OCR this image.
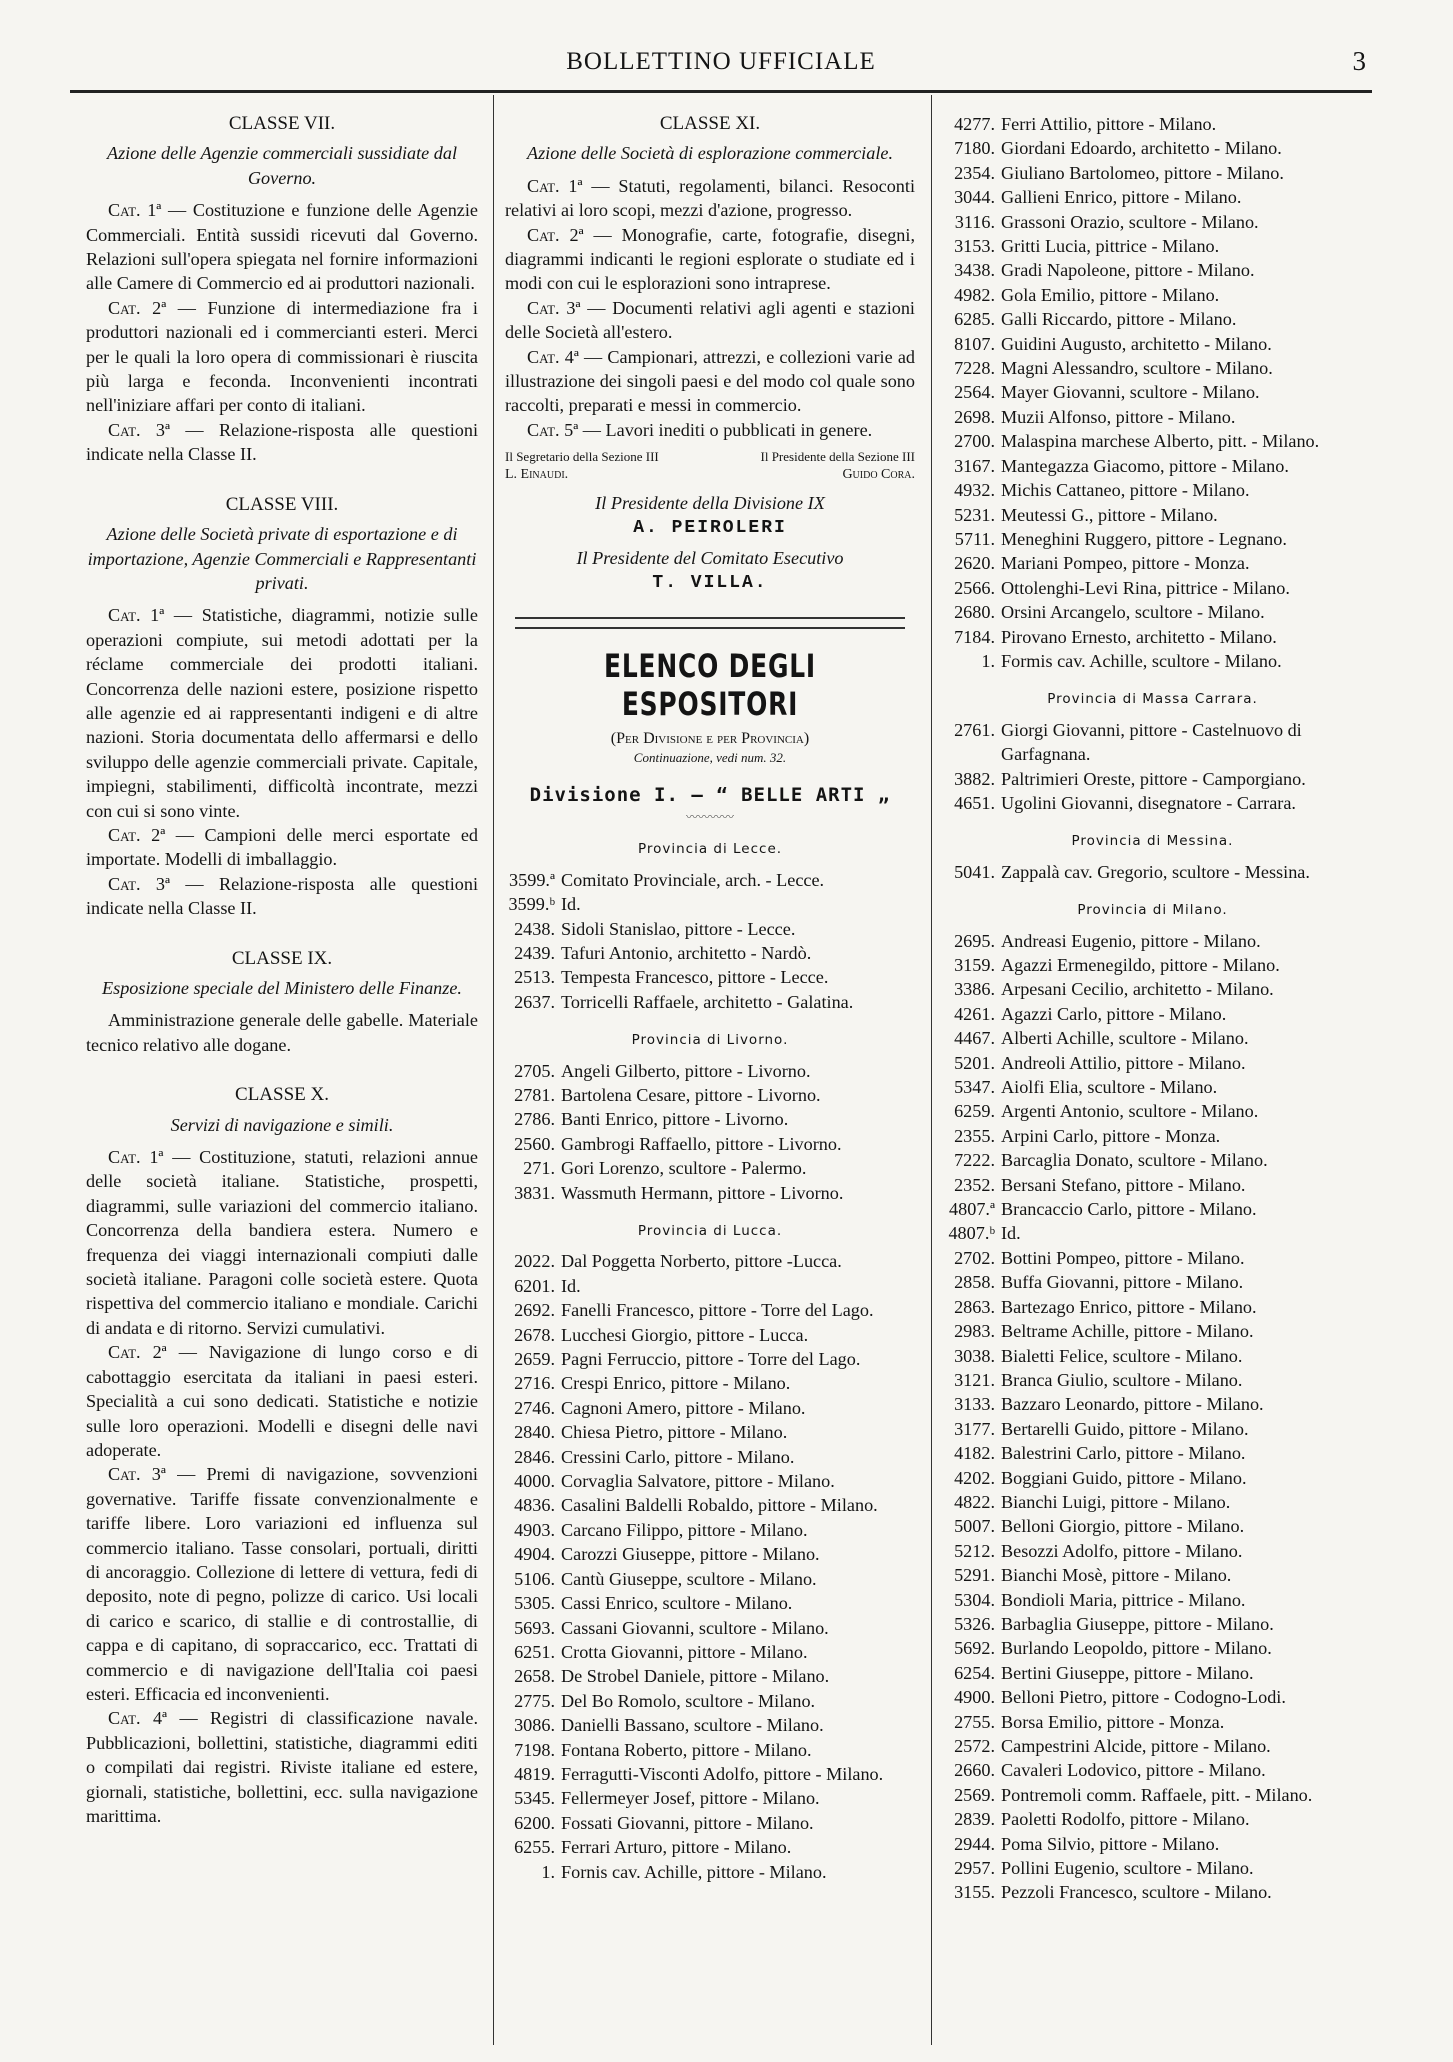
BOLLETTINO UFFICIALE	3
CLASSE VII.
Azione delle Agenzie commerciali sussidiate dal Governo.

Cat. 1ª — Costituzione e funzione delle Agenzie Commerciali. Entità sussidi ricevuti dal Governo. Relazioni sull'opera spiegata nel fornire informazioni alle Camere di Commercio ed ai produttori nazionali.

Cat. 2ª — Funzione di intermediazione fra i produttori nazionali ed i commercianti esteri. Merci per le quali la loro opera di commissionari è riuscita più larga e feconda. Inconvenienti incontrati nell'iniziare affari per conto di italiani.

Cat. 3ª — Relazione-risposta alle questioni indicate nella Classe II.

CLASSE VIII.
Azione delle Società private di esportazione e di importazione, Agenzie Commerciali e Rappresentanti privati.

Cat. 1ª — Statistiche, diagrammi, notizie sulle operazioni compiute, sui metodi adottati per la réclame commerciale dei prodotti italiani. Concorrenza delle nazioni estere, posizione rispetto alle agenzie ed ai rappresentanti indigeni e di altre nazioni. Storia documentata dello affermarsi e dello sviluppo delle agenzie commerciali private. Capitale, impiegni, stabilimenti, difficoltà incontrate, mezzi con cui si sono vinte.

Cat. 2ª — Campioni delle merci esportate ed importate. Modelli di imballaggio.

Cat. 3ª — Relazione-risposta alle questioni indicate nella Classe II.

CLASSE IX.
Esposizione speciale del Ministero delle Finanze.

Amministrazione generale delle gabelle. Materiale tecnico relativo alle dogane.

CLASSE X.
Servizi di navigazione e simili.

Cat. 1ª — Costituzione, statuti, relazioni annue delle società italiane. Statistiche, prospetti, diagrammi, sulle variazioni del commercio italiano. Concorrenza della bandiera estera. Numero e frequenza dei viaggi internazionali compiuti dalle società italiane. Paragoni colle società estere. Quota rispettiva del commercio italiano e mondiale. Carichi di andata e di ritorno. Servizi cumulativi.

Cat. 2ª — Navigazione di lungo corso e di cabottaggio esercitata da italiani in paesi esteri. Specialità a cui sono dedicati. Statistiche e notizie sulle loro operazioni. Modelli e disegni delle navi adoperate.

Cat. 3ª — Premi di navigazione, sovvenzioni governative. Tariffe fissate convenzionalmente e tariffe libere. Loro variazioni ed influenza sul commercio italiano. Tasse consolari, portuali, diritti di ancoraggio. Collezione di lettere di vettura, fedi di deposito, note di pegno, polizze di carico. Usi locali di carico e scarico, di stallie e di controstallie, di cappa e di capitano, di sopraccarico, ecc. Trattati di commercio e di navigazione dell'Italia coi paesi esteri. Efficacia ed inconvenienti.

Cat. 4ª — Registri di classificazione navale. Pubblicazioni, bollettini, statistiche, diagrammi editi o compilati dai registri. Riviste italiane ed estere, giornali, statistiche, bollettini, ecc. sulla navigazione marittima.

CLASSE XI.
Azione delle Società di esplorazione commerciale.

Cat. 1ª — Statuti, regolamenti, bilanci. Resoconti relativi ai loro scopi, mezzi d'azione, progresso.

Cat. 2ª — Monografie, carte, fotografie, disegni, diagrammi indicanti le regioni esplorate o studiate ed i modi con cui le esplorazioni sono intraprese.

Cat. 3ª — Documenti relativi agli agenti e stazioni delle Società all'estero.

Cat. 4ª — Campionari, attrezzi, e collezioni varie ad illustrazione dei singoli paesi e del modo col quale sono raccolti, preparati e messi in commercio.

Cat. 5ª — Lavori inediti o pubblicati in genere.

Il Segretario della Sezione III	Il Presidente della Sezione III
L. Einaudi.	Guido Cora.
Il Presidente della Divisione IX
A. PEIROLERI
Il Presidente del Comitato Esecutivo
T. VILLA.
ELENCO DEGLI ESPOSITORI
(Per Divisione e per Provincia)
Continuazione, vedi num. 32.
Divisione I. — “ BELLE ARTI „
〰〰〰〰
Provincia di Lecce.
3599.ª Comitato Provinciale, arch. - Lecce.
3599.ᵇ Id.
2438. Sidoli Stanislao, pittore - Lecce.
2439. Tafuri Antonio, architetto - Nardò.
2513. Tempesta Francesco, pittore - Lecce.
2637. Torricelli Raffaele, architetto - Galatina.
Provincia di Livorno.
2705. Angeli Gilberto, pittore - Livorno.
2781. Bartolena Cesare, pittore - Livorno.
2786. Banti Enrico, pittore - Livorno.
2560. Gambrogi Raffaello, pittore - Livorno.
271. Gori Lorenzo, scultore - Palermo.
3831. Wassmuth Hermann, pittore - Livorno.
Provincia di Lucca.
2022. Dal Poggetta Norberto, pittore -Lucca.
6201. Id.
2692. Fanelli Francesco, pittore - Torre del Lago.
2678. Lucchesi Giorgio, pittore - Lucca.
2659. Pagni Ferruccio, pittore - Torre del Lago.
2716. Crespi Enrico, pittore - Milano.
2746. Cagnoni Amero, pittore - Milano.
2840. Chiesa Pietro, pittore - Milano.
2846. Cressini Carlo, pittore - Milano.
4000. Corvaglia Salvatore, pittore - Milano.
4836. Casalini Baldelli Robaldo, pittore - Milano.
4903. Carcano Filippo, pittore - Milano.
4904. Carozzi Giuseppe, pittore - Milano.
5106. Cantù Giuseppe, scultore - Milano.
5305. Cassi Enrico, scultore - Milano.
5693. Cassani Giovanni, scultore - Milano.
6251. Crotta Giovanni, pittore - Milano.
2658. De Strobel Daniele, pittore - Milano.
2775. Del Bo Romolo, scultore - Milano.
3086. Danielli Bassano, scultore - Milano.
7198. Fontana Roberto, pittore - Milano.
4819. Ferragutti-Visconti Adolfo, pittore - Milano.
5345. Fellermeyer Josef, pittore - Milano.
6200. Fossati Giovanni, pittore - Milano.
6255. Ferrari Arturo, pittore - Milano.
1. Fornis cav. Achille, pittore - Milano.
4277. Ferri Attilio, pittore - Milano.
7180. Giordani Edoardo, architetto - Milano.
2354. Giuliano Bartolomeo, pittore - Milano.
3044. Gallieni Enrico, pittore - Milano.
3116. Grassoni Orazio, scultore - Milano.
3153. Gritti Lucia, pittrice - Milano.
3438. Gradi Napoleone, pittore - Milano.
4982. Gola Emilio, pittore - Milano.
6285. Galli Riccardo, pittore - Milano.
8107. Guidini Augusto, architetto - Milano.
7228. Magni Alessandro, scultore - Milano.
2564. Mayer Giovanni, scultore - Milano.
2698. Muzii Alfonso, pittore - Milano.
2700. Malaspina marchese Alberto, pitt. - Milano.
3167. Mantegazza Giacomo, pittore - Milano.
4932. Michis Cattaneo, pittore - Milano.
5231. Meutessi G., pittore - Milano.
5711. Meneghini Ruggero, pittore - Legnano.
2620. Mariani Pompeo, pittore - Monza.
2566. Ottolenghi-Levi Rina, pittrice - Milano.
2680. Orsini Arcangelo, scultore - Milano.
7184. Pirovano Ernesto, architetto - Milano.
1. Formis cav. Achille, scultore - Milano.
Provincia di Massa Carrara.
2761. Giorgi Giovanni, pittore - Castelnuovo di
Garfagnana.
3882. Paltrimieri Oreste, pittore - Camporgiano.
4651. Ugolini Giovanni, disegnatore - Carrara.
Provincia di Messina.
5041. Zappalà cav. Gregorio, scultore - Messina.
Provincia di Milano.
2695. Andreasi Eugenio, pittore - Milano.
3159. Agazzi Ermenegildo, pittore - Milano.
3386. Arpesani Cecilio, architetto - Milano.
4261. Agazzi Carlo, pittore - Milano.
4467. Alberti Achille, scultore - Milano.
5201. Andreoli Attilio, pittore - Milano.
5347. Aiolfi Elia, scultore - Milano.
6259. Argenti Antonio, scultore - Milano.
2355. Arpini Carlo, pittore - Monza.
7222. Barcaglia Donato, scultore - Milano.
2352. Bersani Stefano, pittore - Milano.
4807.ª Brancaccio Carlo, pittore - Milano.
4807.ᵇ Id.
2702. Bottini Pompeo, pittore - Milano.
2858. Buffa Giovanni, pittore - Milano.
2863. Bartezago Enrico, pittore - Milano.
2983. Beltrame Achille, pittore - Milano.
3038. Bialetti Felice, scultore - Milano.
3121. Branca Giulio, scultore - Milano.
3133. Bazzaro Leonardo, pittore - Milano.
3177. Bertarelli Guido, pittore - Milano.
4182. Balestrini Carlo, pittore - Milano.
4202. Boggiani Guido, pittore - Milano.
4822. Bianchi Luigi, pittore - Milano.
5007. Belloni Giorgio, pittore - Milano.
5212. Besozzi Adolfo, pittore - Milano.
5291. Bianchi Mosè, pittore - Milano.
5304. Bondioli Maria, pittrice - Milano.
5326. Barbaglia Giuseppe, pittore - Milano.
5692. Burlando Leopoldo, pittore - Milano.
6254. Bertini Giuseppe, pittore - Milano.
4900. Belloni Pietro, pittore - Codogno-Lodi.
2755. Borsa Emilio, pittore - Monza.
2572. Campestrini Alcide, pittore - Milano.
2660. Cavaleri Lodovico, pittore - Milano.
2569. Pontremoli comm. Raffaele, pitt. - Milano.
2839. Paoletti Rodolfo, pittore - Milano.
2944. Poma Silvio, pittore - Milano.
2957. Pollini Eugenio, scultore - Milano.
3155. Pezzoli Francesco, scultore - Milano.
